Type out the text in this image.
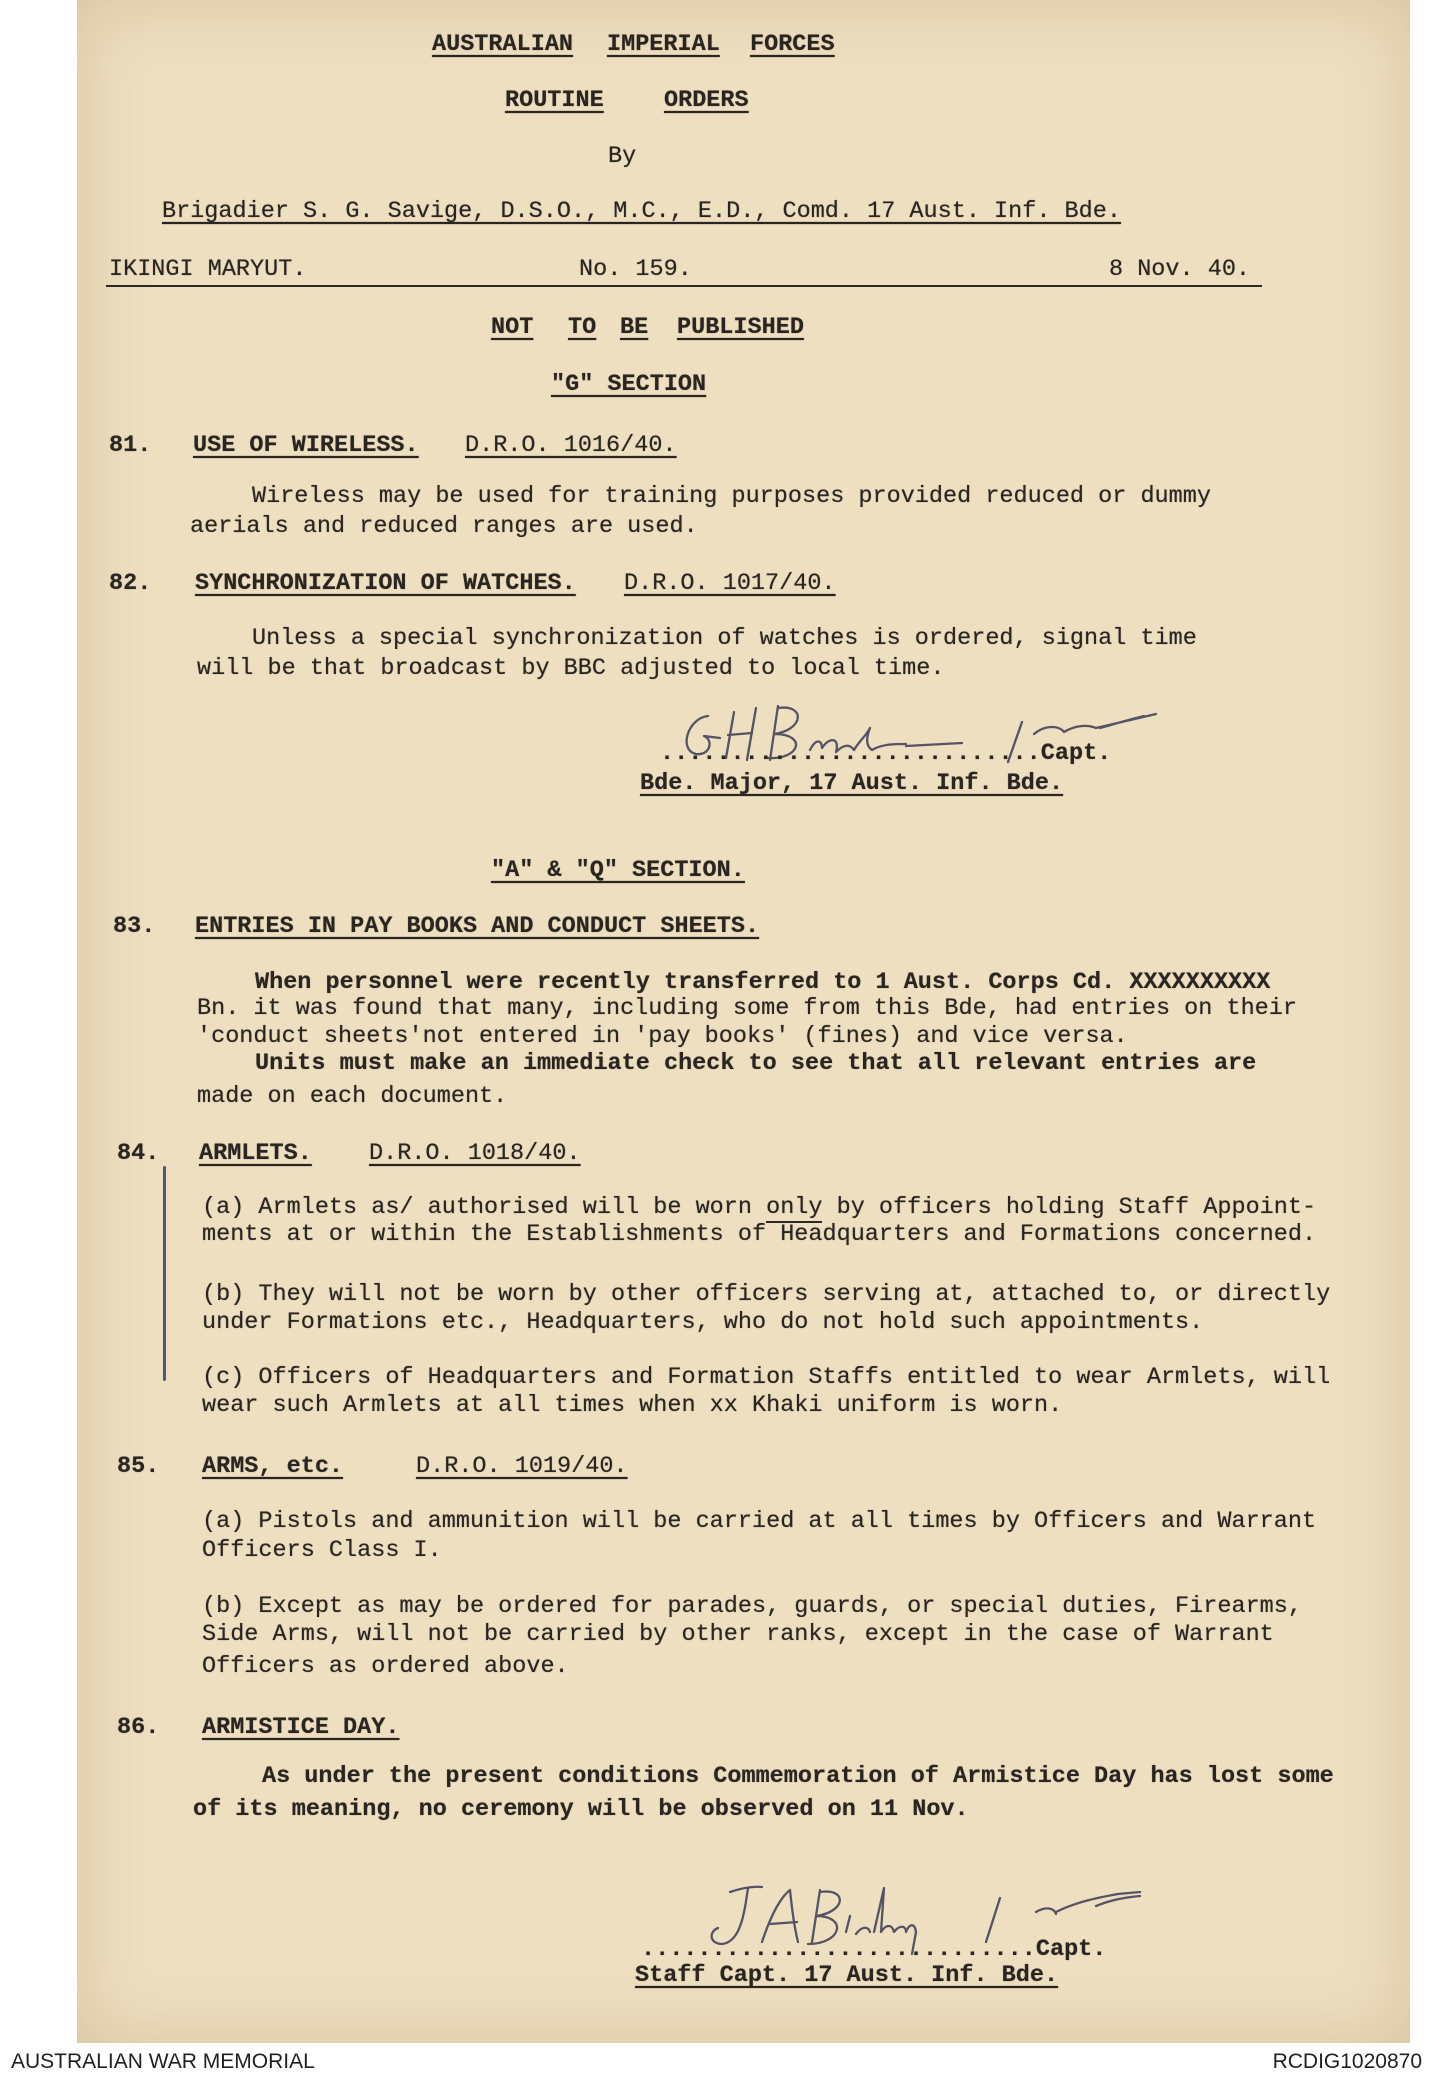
AUSTRALIAN IMPERIAL FORCES
ROUTINE	ORDERS
By
Brigadier S. G. Savige, D.S.O., M.C., E.D., Comd. 17 Aust. Inf. Bde.
IKINGI MARYUT.	No. 159.	8 Nov. 40.
NOT TO BE PUBLISHED
"G" SECTION
81. USE OF WIRELESS. D.R.O. 1016/40.
Wireless may be used for training purposes provided reduced or dummy
aerials and reduced ranges are used.
82. SYNCHRONIZATION OF WATCHES. D.R.O. 1017/40.
Unless a special synchronization of watches is ordered, signal time
will be that broadcast by BBC adjusted to local time.
...........................Capt.
Bde. Major, 17 Aust. Inf. Bde.
"A" & "Q" SECTION.
83. ENTRIES IN PAY BOOKS AND CONDUCT SHEETS.
When personnel were recently transferred to 1 Aust. Corps Cd. XXXXXXXXXX
Bn. it was found that many, including some from this Bde, had entries on their
'conduct sheets'not entered in 'pay books' (fines) and vice versa.
Units must make an immediate check to see that all relevant entries are
made on each document.
84. ARMLETS. D.R.O. 1018/40.
(a) Armlets as/ authorised will be worn only by officers holding Staff Appoint-
ments at or within the Establishments of Headquarters and Formations concerned.
(b) They will not be worn by other officers serving at, attached to, or directly
under Formations etc., Headquarters, who do not hold such appointments.
(c) Officers of Headquarters and Formation Staffs entitled to wear Armlets, will
wear such Armlets at all times when xx Khaki uniform is worn.
85. ARMS, etc.	D.R.O. 1019/40.
(a) Pistols and ammunition will be carried at all times by Officers and Warrant
Officers Class I.
(b) Except as may be ordered for parades, guards, or special duties, Firearms,
Side Arms, will not be carried by other ranks, except in the case of Warrant
Officers as ordered above.
86. ARMISTICE DAY.
As under the present conditions Commemoration of Armistice Day has lost some
of its meaning, no ceremony will be observed on 11 Nov.
............................Capt.
Staff Capt. 17 Aust. Inf. Bde.
AUSTRALIAN WAR MEMORIAL	RCDIG1020870
